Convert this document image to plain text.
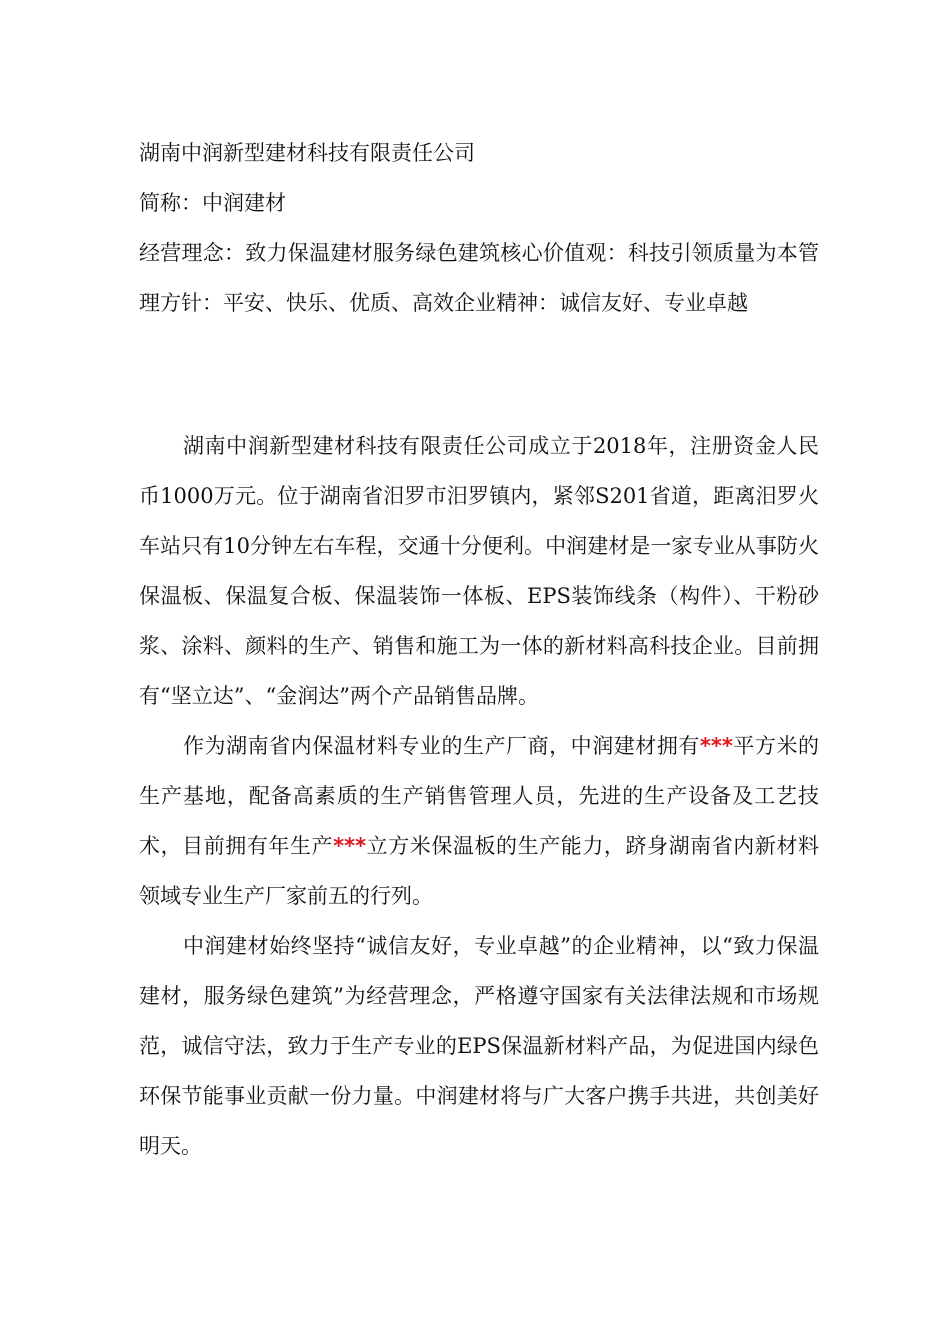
湖南中润新型建材科技有限责任公司
简称：中润建材
经营理念：致力保温建材服务绿色建筑核心价值观：科技引领质量为本管理方针：平安、快乐、优质、高效企业精神：诚信友好、专业卓越

湖南中润新型建材科技有限责任公司成立于2018年，注册资金人民币1000万元。位于湖南省汨罗市汨罗镇内，紧邻S201省道，距离汨罗火车站只有10分钟左右车程，交通十分便利。中润建材是一家专业从事防火保温板、保温复合板、保温装饰一体板、EPS装饰线条（构件）、干粉砂浆、涂料、颜料的生产、销售和施工为一体的新材料高科技企业。目前拥有“坚立达”、“金润达”两个产品销售品牌。

作为湖南省内保温材料专业的生产厂商，中润建材拥有***平方米的生产基地，配备高素质的生产销售管理人员，先进的生产设备及工艺技术，目前拥有年生产***立方米保温板的生产能力，跻身湖南省内新材料领域专业生产厂家前五的行列。

中润建材始终坚持“诚信友好，专业卓越”的企业精神，以“致力保温建材，服务绿色建筑”为经营理念，严格遵守国家有关法律法规和市场规范，诚信守法，致力于生产专业的EPS保温新材料产品，为促进国内绿色环保节能事业贡献一份力量。中润建材将与广大客户携手共进，共创美好明天。
